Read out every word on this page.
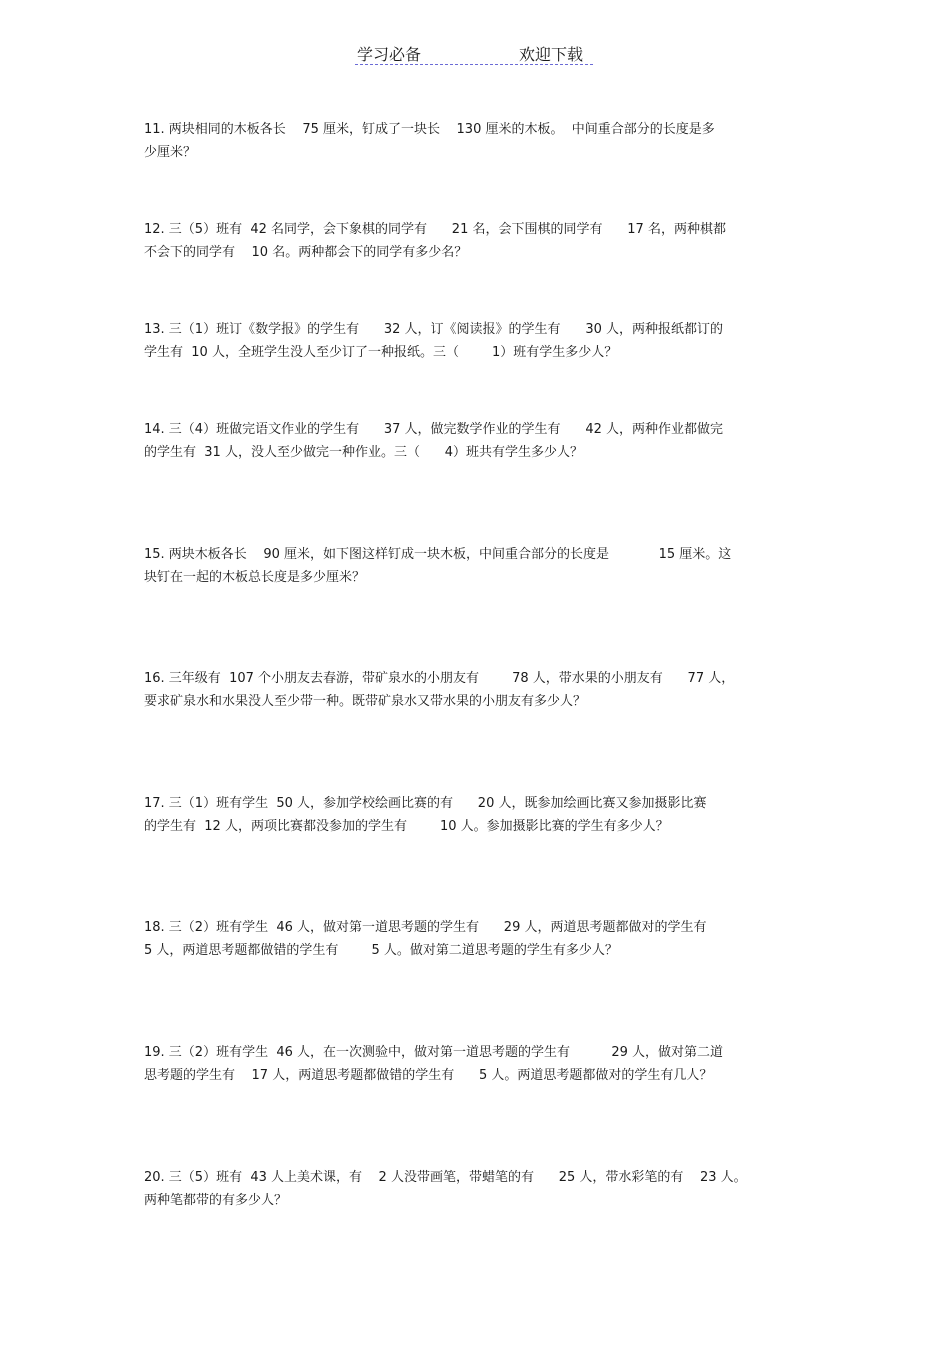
学习必备	欢迎下载
11. 两块相同的木板各长    75 厘米，钉成了一块长    130 厘米的木板。  中间重合部分的长度是多
少厘米？
12. 三（5）班有  42 名同学，会下象棋的同学有      21 名，会下围棋的同学有      17 名，两种棋都
不会下的同学有    10 名。两种都会下的同学有多少名？
13. 三（1）班订《数学报》的学生有      32 人，订《阅读报》的学生有      30 人，两种报纸都订的
学生有  10 人，全班学生没人至少订了一种报纸。三（        1）班有学生多少人？
14. 三（4）班做完语文作业的学生有      37 人，做完数学作业的学生有      42 人，两种作业都做完
的学生有  31 人，没人至少做完一种作业。三（      4）班共有学生多少人？
15. 两块木板各长    90 厘米，如下图这样钉成一块木板，中间重合部分的长度是            15 厘米。这
块钉在一起的木板总长度是多少厘米？
16. 三年级有  107 个小朋友去春游，带矿泉水的小朋友有        78 人，带水果的小朋友有      77 人，
要求矿泉水和水果没人至少带一种。既带矿泉水又带水果的小朋友有多少人？
17. 三（1）班有学生  50 人，参加学校绘画比赛的有      20 人，既参加绘画比赛又参加摄影比赛
的学生有  12 人，两项比赛都没参加的学生有        10 人。参加摄影比赛的学生有多少人？
18. 三（2）班有学生  46 人，做对第一道思考题的学生有      29 人，两道思考题都做对的学生有
5 人，两道思考题都做错的学生有        5 人。做对第二道思考题的学生有多少人？
19. 三（2）班有学生  46 人，在一次测验中，做对第一道思考题的学生有          29 人，做对第二道
思考题的学生有    17 人，两道思考题都做错的学生有      5 人。两道思考题都做对的学生有几人？
20. 三（5）班有  43 人上美术课，有    2 人没带画笔，带蜡笔的有      25 人，带水彩笔的有    23 人。
两种笔都带的有多少人？
